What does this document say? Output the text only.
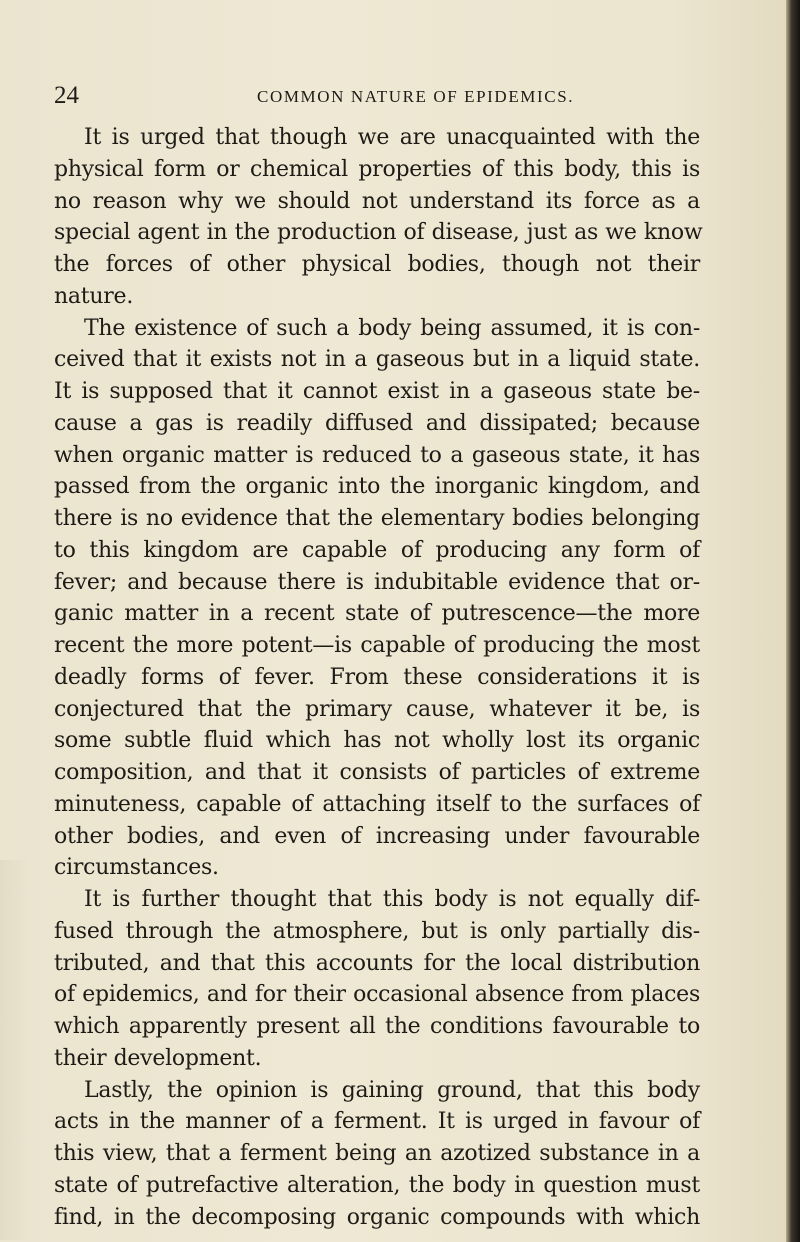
24	COMMON NATURE OF EPIDEMICS.
It is urged that though we are unacquainted with the
physical form or chemical properties of this body, this is
no reason why we should not understand its force as a
special agent in the production of disease, just as we know
the forces of other physical bodies, though not their
nature.
The existence of such a body being assumed, it is con-
ceived that it exists not in a gaseous but in a liquid state.
It is supposed that it cannot exist in a gaseous state be-
cause a gas is readily diffused and dissipated; because
when organic matter is reduced to a gaseous state, it has
passed from the organic into the inorganic kingdom, and
there is no evidence that the elementary bodies belonging
to this kingdom are capable of producing any form of
fever; and because there is indubitable evidence that or-
ganic matter in a recent state of putrescence—the more
recent the more potent—is capable of producing the most
deadly forms of fever. From these considerations it is
conjectured that the primary cause, whatever it be, is
some subtle fluid which has not wholly lost its organic
composition, and that it consists of particles of extreme
minuteness, capable of attaching itself to the surfaces of
other bodies, and even of increasing under favourable
circumstances.
It is further thought that this body is not equally dif-
fused through the atmosphere, but is only partially dis-
tributed, and that this accounts for the local distribution
of epidemics, and for their occasional absence from places
which apparently present all the conditions favourable to
their development.
Lastly, the opinion is gaining ground, that this body
acts in the manner of a ferment. It is urged in favour of
this view, that a ferment being an azotized substance in a
state of putrefactive alteration, the body in question must
find, in the decomposing organic compounds with which
